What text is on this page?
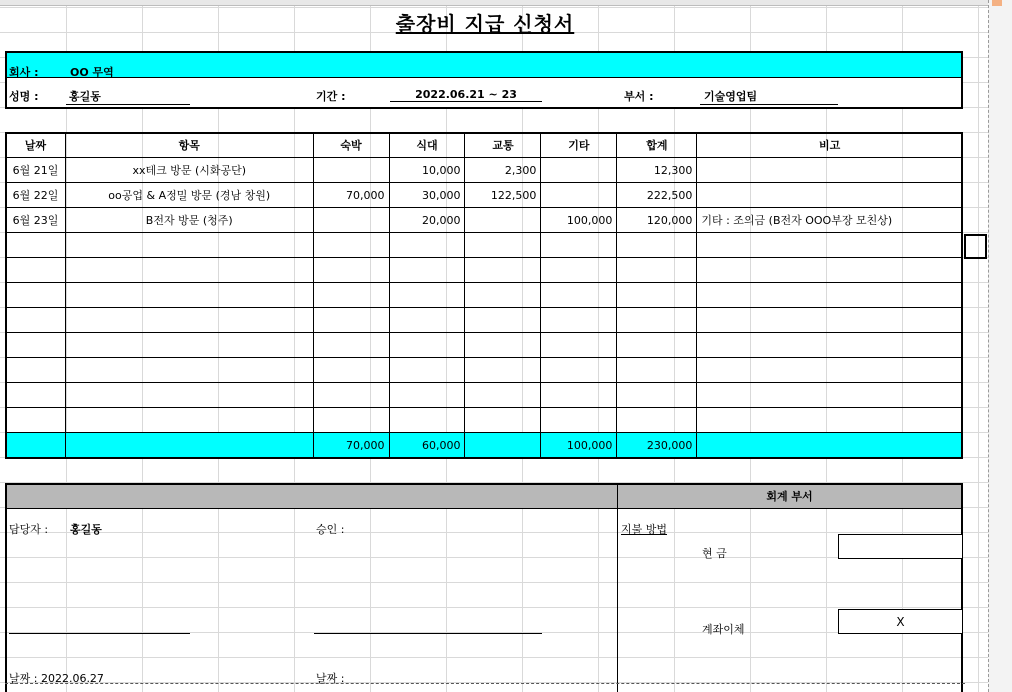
출장비 지급 신청서
회사 :	OO 무역
성명 :	홍길동	기간 :	2022.06.21 ~ 23	부서 :	기술영업팀
날짜	항목	숙박	식대	교통	기타	합계	비고
6월 21일	xx테크 방문 (시화공단)		10,000	2,300		12,300	
6월 22일	oo공업 & A정밀 방문 (경남 창원)	70,000	30,000	122,500		222,500	
6월 23일	B전자 방문 (청주)		20,000		100,000	120,000	기타 : 조의금 (B전자 OOO부장 모친상)

		70,000	60,000		100,000	230,000	
회계 부서
담당자 : 홍길동	승인 :
날짜 : 2022.06.27	날짜 :
지불 방법
현 금
계좌이체
X
